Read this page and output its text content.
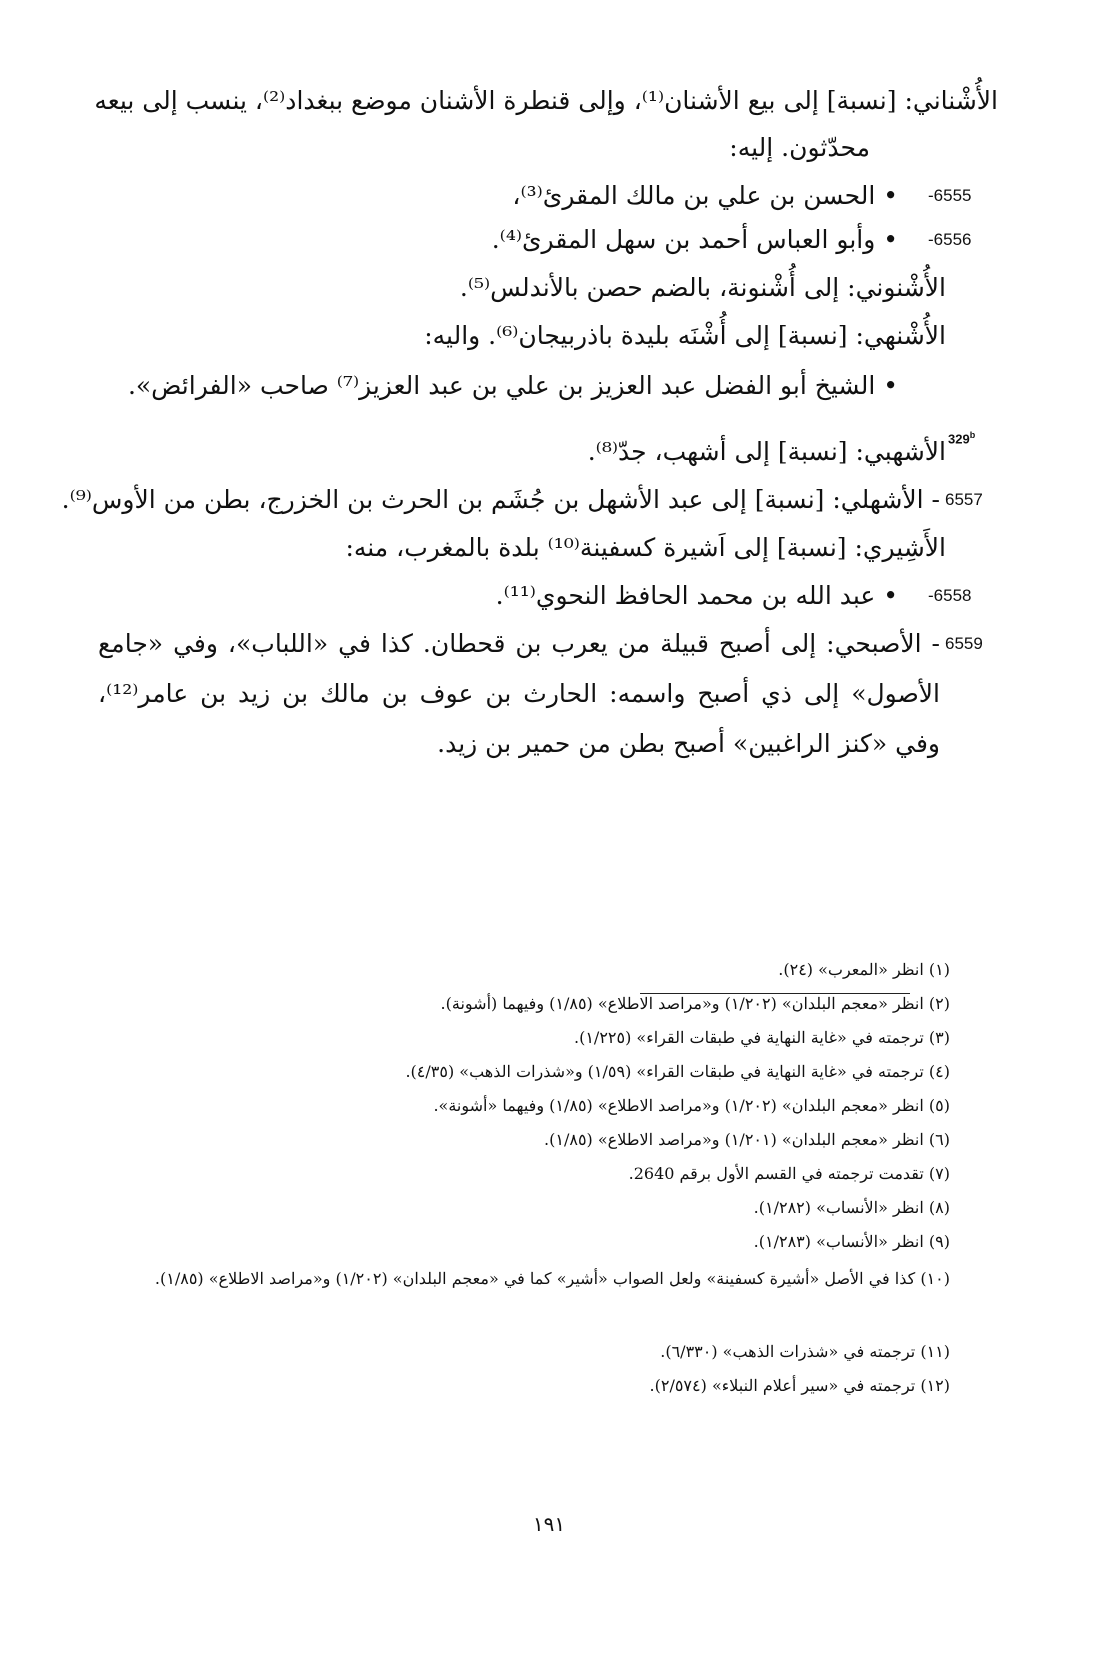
الأُشْناني: [نسبة] إلى بيع الأشنان⁽¹⁾، وإلى قنطرة الأشنان موضع ببغداد⁽²⁾، ينسب إلى بيعه
محدّثون. إليه:
-6555
• الحسن بن علي بن مالك المقرئ⁽³⁾،
-6556
• وأبو العباس أحمد بن سهل المقرئ⁽⁴⁾.
الأُشْنوني: إلى أُشْنونة، بالضم حصن بالأندلس⁽⁵⁾.
الأُشْنهي: [نسبة] إلى أُشْنَه بليدة باذربيجان⁽⁶⁾. واليه:
• الشيخ أبو الفضل عبد العزيز بن علي بن عبد العزيز⁽⁷⁾ صاحب «الفرائض».
329$^b$
الأشهبي: [نسبة] إلى أشهب، جدّ⁽⁸⁾.
6557
- الأشهلي: [نسبة] إلى عبد الأشهل بن جُشَم بن الحرث بن الخزرج، بطن من الأوس⁽⁹⁾.
الأَشِيري: [نسبة] إلى اَشيرة كسفينة⁽¹⁰⁾ بلدة بالمغرب، منه:
-6558
• عبد الله بن محمد الحافظ النحوي⁽¹¹⁾.
6559
- الأصبحي: إلى أصبح قبيلة من يعرب بن قحطان. كذا في «اللباب»، وفي «جامع الأصول» إلى ذي أصبح واسمه: الحارث بن عوف بن مالك بن زيد بن عامر⁽¹²⁾، وفي «كنز الراغبين» أصبح بطن من حمير بن زيد.
(١) انظر «المعرب» (٢٤).
(٢) انظر «معجم البلدان» (١/٢٠٢) و«مراصد الاطلاع» (١/٨٥) وفيهما (أشونة).
(٣) ترجمته في «غاية النهاية في طبقات القراء» (١/٢٢٥).
(٤) ترجمته في «غاية النهاية في طبقات القراء» (١/٥٩) و«شذرات الذهب» (٤/٣٥).
(٥) انظر «معجم البلدان» (١/٢٠٢) و«مراصد الاطلاع» (١/٨٥) وفيهما «أشونة».
(٦) انظر «معجم البلدان» (١/٢٠١) و«مراصد الاطلاع» (١/٨٥).
(٧) تقدمت ترجمته في القسم الأول برقم 2640.
(٨) انظر «الأنساب» (١/٢٨٢).
(٩) انظر «الأنساب» (١/٢٨٣).
(١٠) كذا في الأصل «أشيرة كسفينة» ولعل الصواب «أشير» كما في «معجم البلدان» (١/٢٠٢) و«مراصد الاطلاع» (١/٨٥).
(١١) ترجمته في «شذرات الذهب» (٦/٣٣٠).
(١٢) ترجمته في «سير أعلام النبلاء» (٢/٥٧٤).
١٩١
